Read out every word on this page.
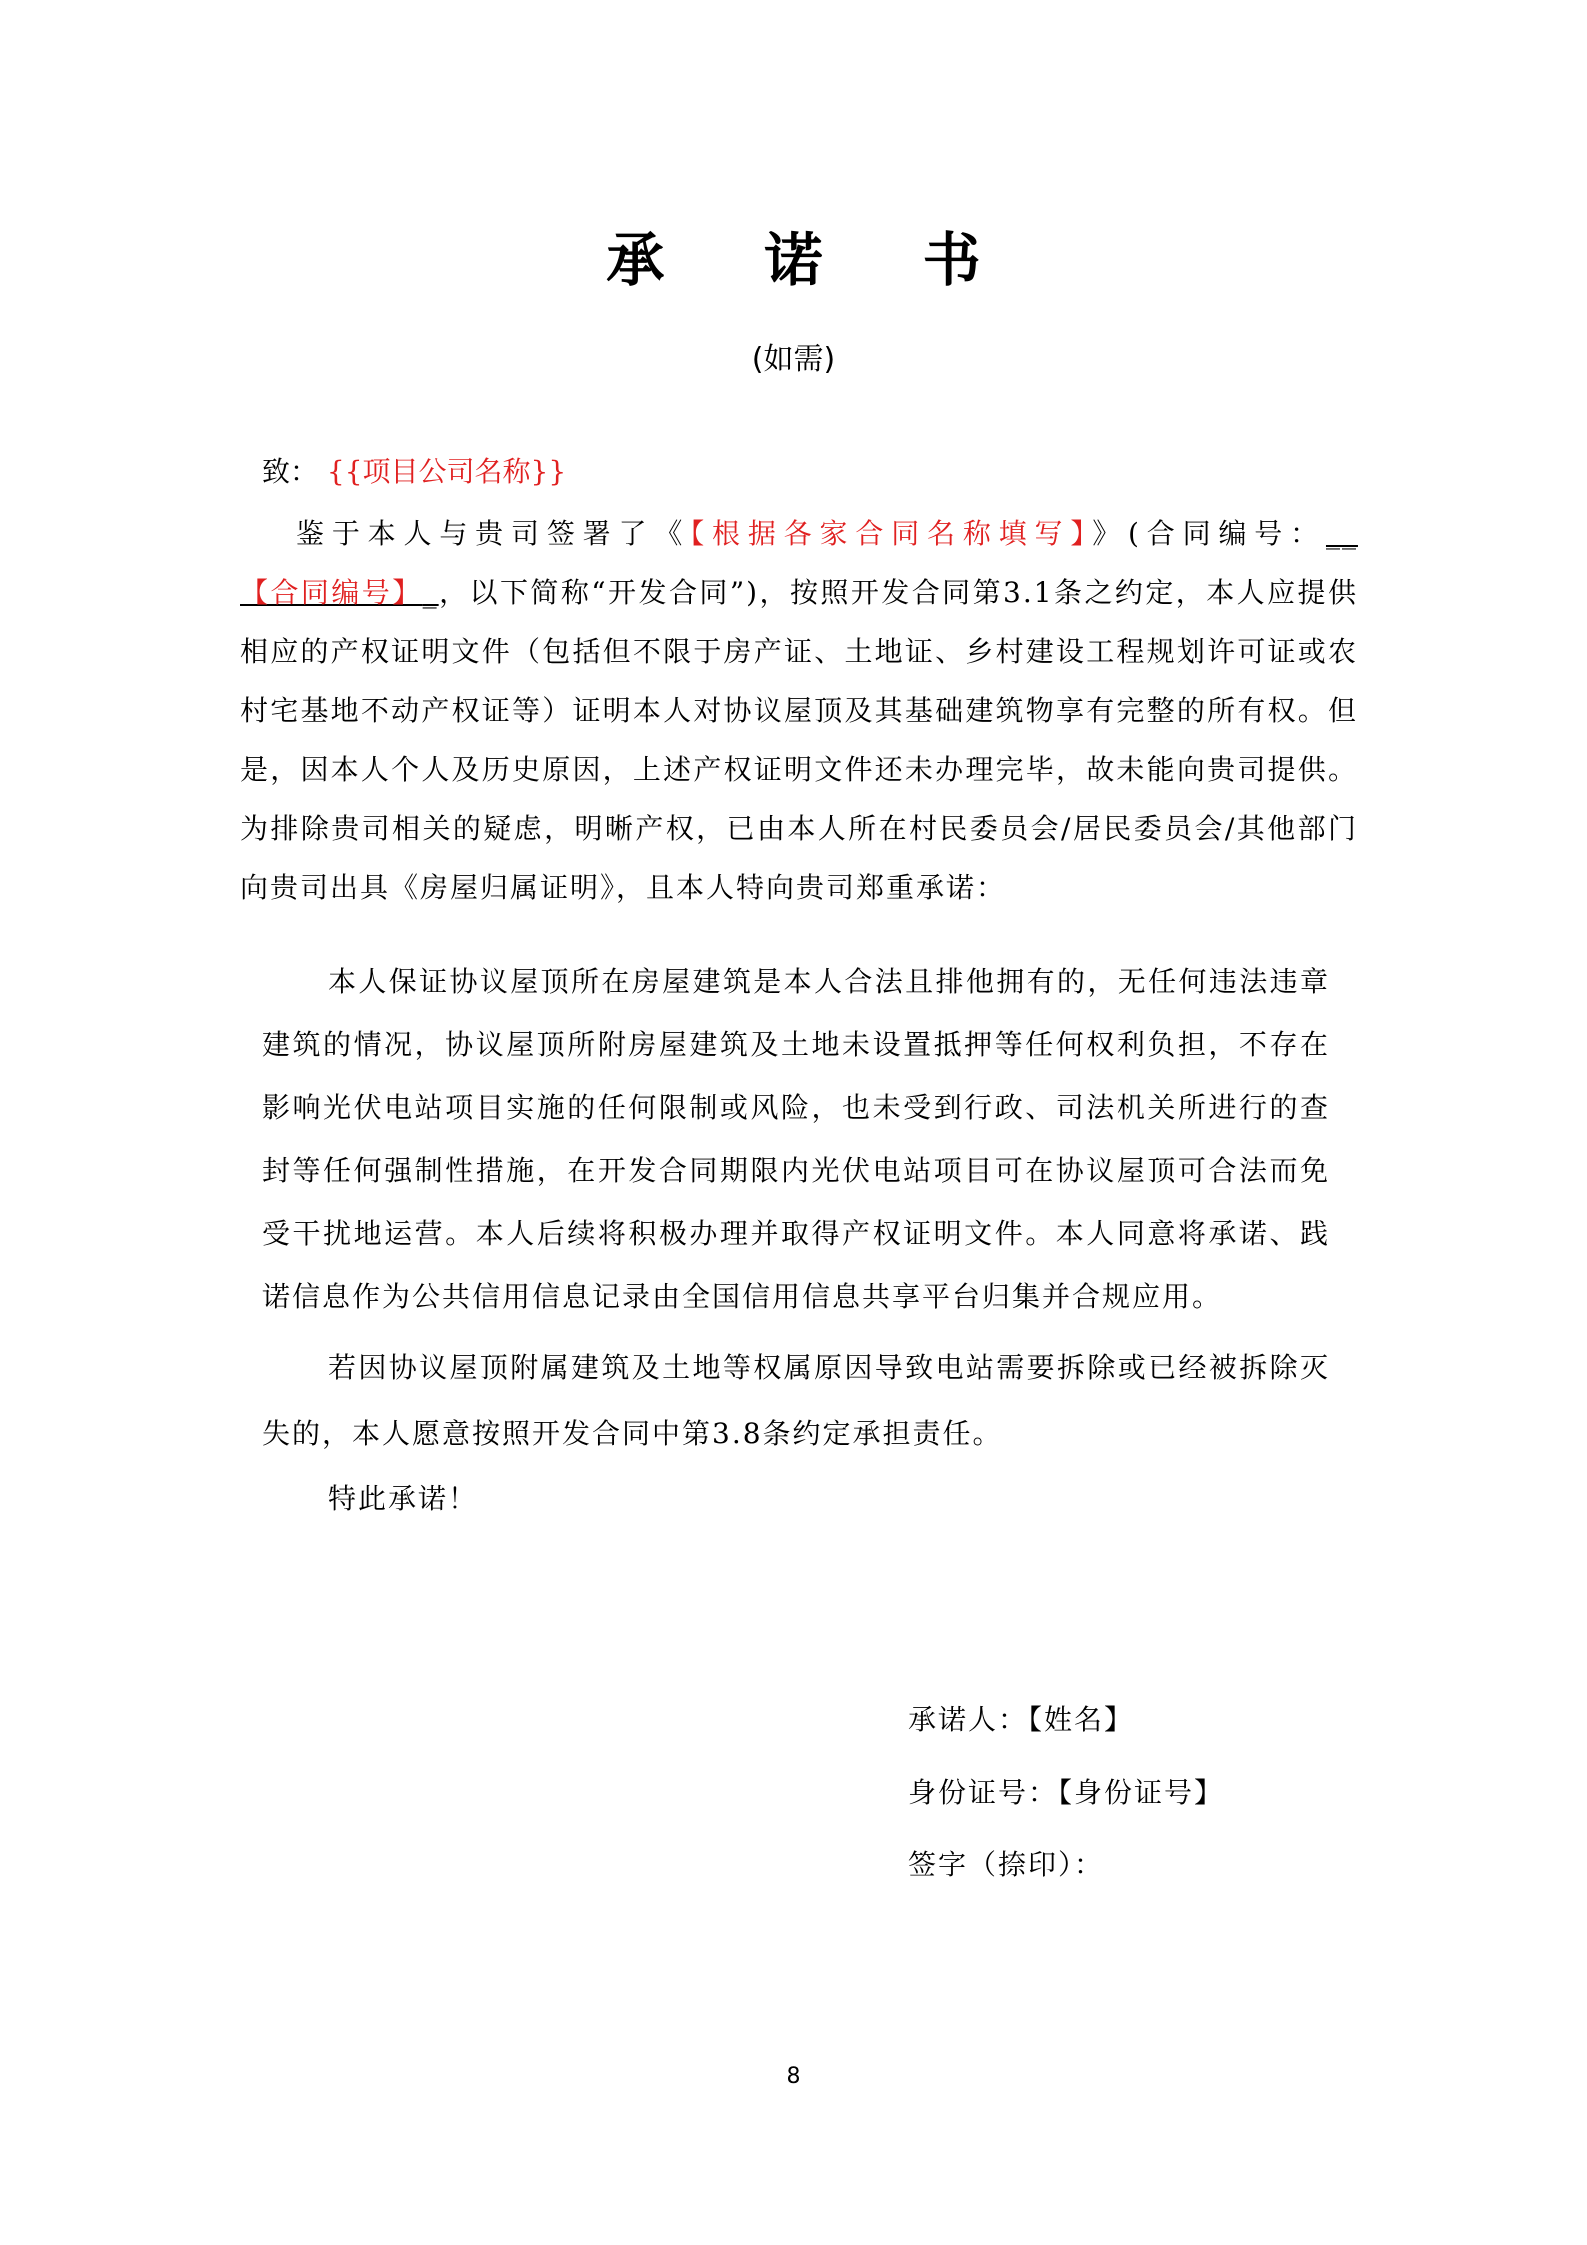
承 诺 书
(如需)
致： {{项目公司名称}}
鉴于本人与贵司签署了《【根据各家合同名称填写】》(合同编号：__【合同编号】_，以下简称“开发合同”)，按照开发合同第3.1条之约定，本人应提供相应的产权证明文件（包括但不限于房产证、土地证、乡村建设工程规划许可证或农村宅基地不动产权证等）证明本人对协议屋顶及其基础建筑物享有完整的所有权。但是，因本人个人及历史原因，上述产权证明文件还未办理完毕，故未能向贵司提供。为排除贵司相关的疑虑，明晰产权，已由本人所在村民委员会/居民委员会/其他部门向贵司出具《房屋归属证明》，且本人特向贵司郑重承诺：
本人保证协议屋顶所在房屋建筑是本人合法且排他拥有的，无任何违法违章建筑的情况，协议屋顶所附房屋建筑及土地未设置抵押等任何权利负担，不存在影响光伏电站项目实施的任何限制或风险，也未受到行政、司法机关所进行的查封等任何强制性措施，在开发合同期限内光伏电站项目可在协议屋顶可合法而免受干扰地运营。本人后续将积极办理并取得产权证明文件。本人同意将承诺、践诺信息作为公共信用信息记录由全国信用信息共享平台归集并合规应用。
若因协议屋顶附属建筑及土地等权属原因导致电站需要拆除或已经被拆除灭失的，本人愿意按照开发合同中第3.8条约定承担责任。
特此承诺！
承诺人：【姓名】
身份证号：【身份证号】
签字（捺印）：
8
